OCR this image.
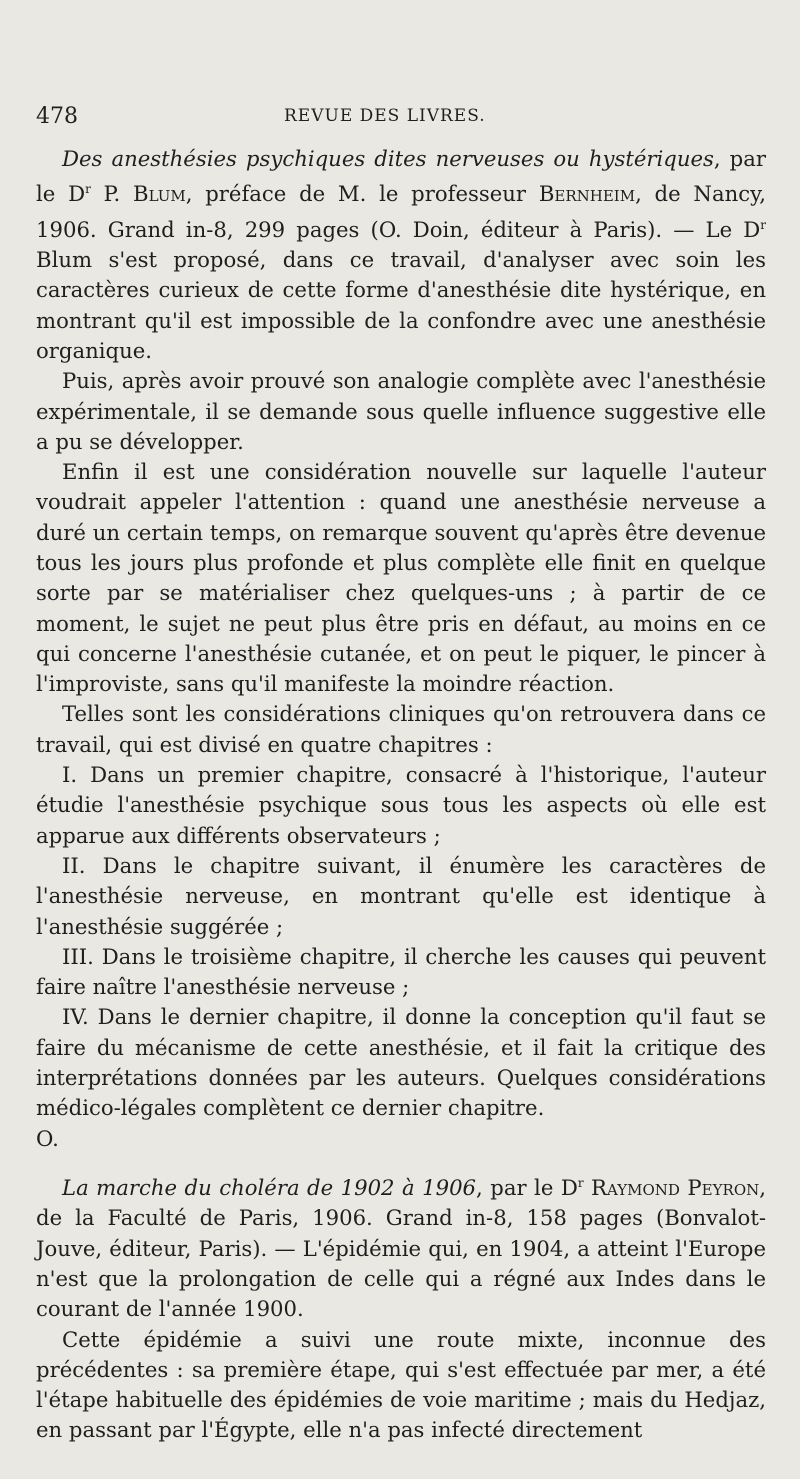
478	REVUE DES LIVRES.

Des anesthésies psychiques dites nerveuses ou hystériques, par le $D^r$ P. Blum, préface de M. le professeur Bernheim, de Nancy, 1906. Grand in-8, 299 pages (O. Doin, éditeur à Paris). — Le $D^r$ Blum s'est proposé, dans ce travail, d'analyser avec soin les caractères curieux de cette forme d'anesthésie dite hystérique, en montrant qu'il est impossible de la confondre avec une anesthésie organique.

Puis, après avoir prouvé son analogie complète avec l'anesthésie expérimentale, il se demande sous quelle influence suggestive elle a pu se développer.

Enfin il est une considération nouvelle sur laquelle l'auteur voudrait appeler l'attention : quand une anesthésie nerveuse a duré un certain temps, on remarque souvent qu'après être devenue tous les jours plus profonde et plus complète elle finit en quelque sorte par se matérialiser chez quelques-uns ; à partir de ce moment, le sujet ne peut plus être pris en défaut, au moins en ce qui concerne l'anesthésie cutanée, et on peut le piquer, le pincer à l'improviste, sans qu'il manifeste la moindre réaction.

Telles sont les considérations cliniques qu'on retrouvera dans ce travail, qui est divisé en quatre chapitres :

I. Dans un premier chapitre, consacré à l'historique, l'auteur étudie l'anesthésie psychique sous tous les aspects où elle est apparue aux différents observateurs ;

II. Dans le chapitre suivant, il énumère les caractères de l'anesthésie nerveuse, en montrant qu'elle est identique à l'anesthésie suggérée ;

III. Dans le troisième chapitre, il cherche les causes qui peuvent faire naître l'anesthésie nerveuse ;

IV. Dans le dernier chapitre, il donne la conception qu'il faut se faire du mécanisme de cette anesthésie, et il fait la critique des interprétations données par les auteurs. Quelques considérations médico-légales complètent ce dernier chapitre.

O.

La marche du choléra de 1902 à 1906, par le $D^r$ Raymond Peyron, de la Faculté de Paris, 1906. Grand in-8, 158 pages (Bonvalot-Jouve, éditeur, Paris). — L'épidémie qui, en 1904, a atteint l'Europe n'est que la prolongation de celle qui a régné aux Indes dans le courant de l'année 1900.

Cette épidémie a suivi une route mixte, inconnue des précédentes : sa première étape, qui s'est effectuée par mer, a été l'étape habituelle des épidémies de voie maritime ; mais du Hedjaz, en passant par l'Égypte, elle n'a pas infecté directement
